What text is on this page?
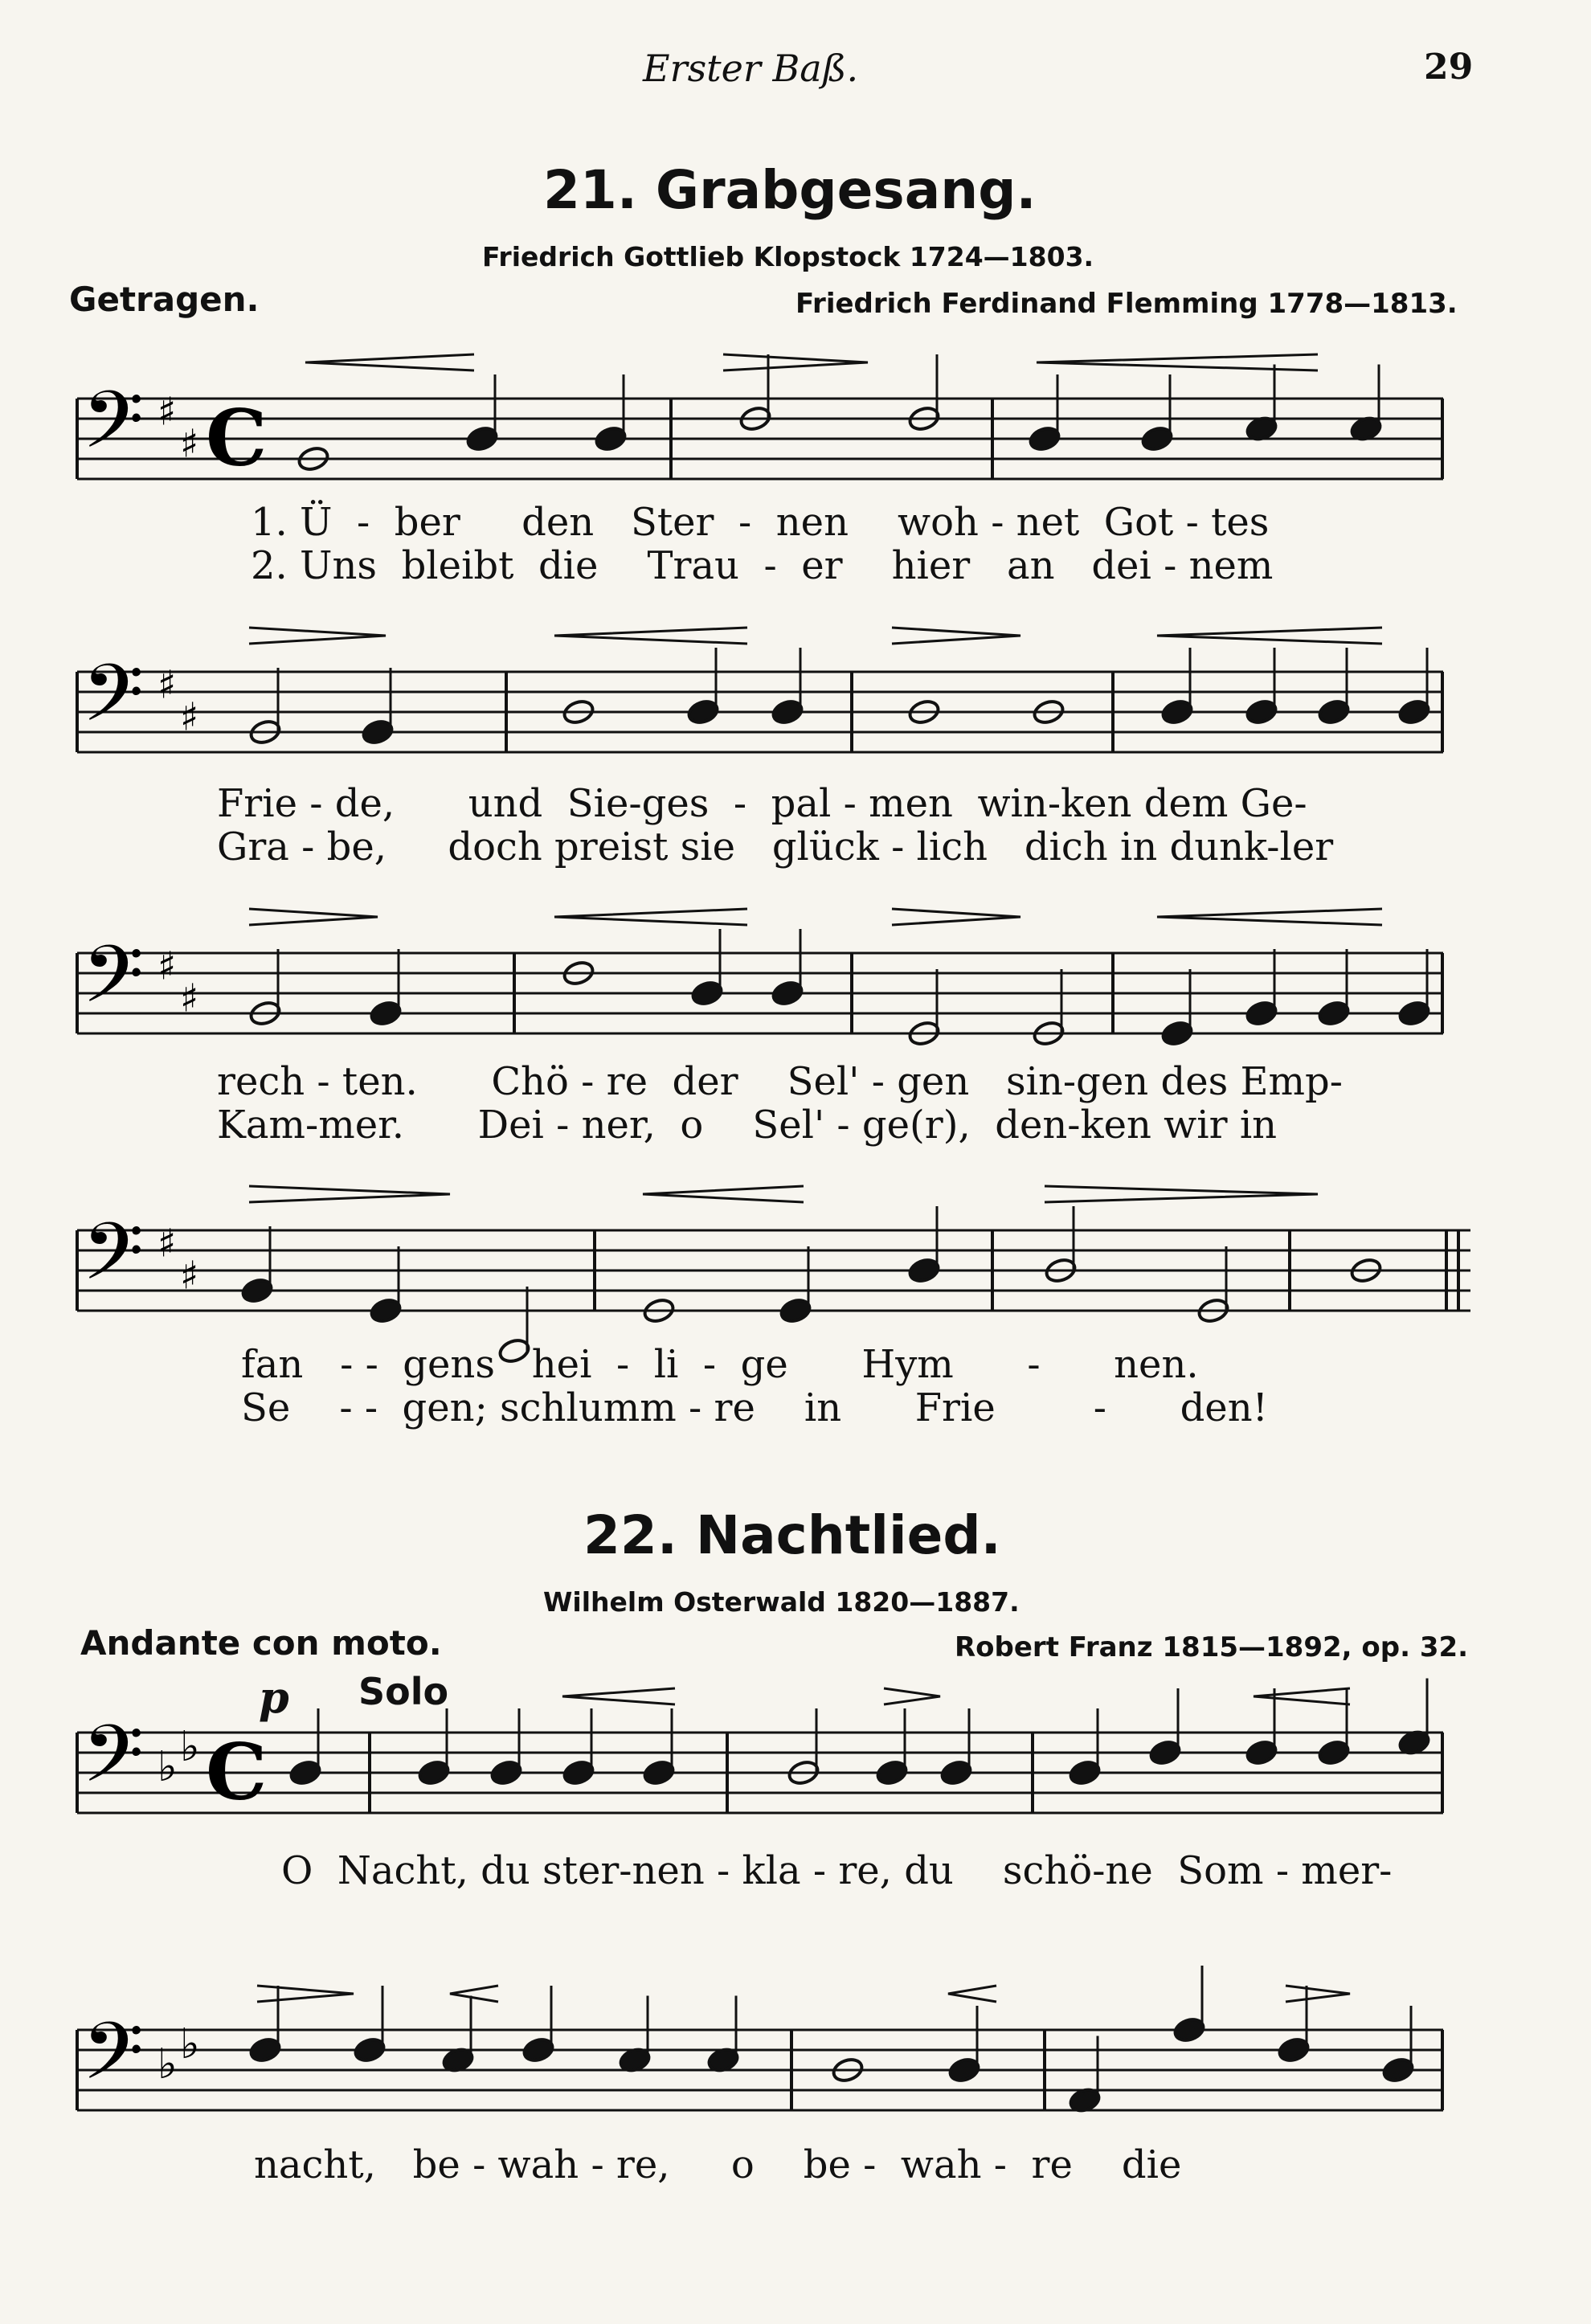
Erster Baß.	29
21. Grabgesang.
Friedrich Gottlieb Klopstock 1724—1803.
Getragen.	Friedrich Ferdinand Flemming 1778—1813.
𝄢 ♯
♯ C
𝄢 ♯
♯
𝄢 ♯
♯
𝄢 ♯
♯
𝄢 ♭ ♭ C
𝄢 ♭ ♭
1. Ü - ber den Ster - nen woh - net Got - tes
2. Uns bleibt die Trau - er hier an dei - nem
Frie - de, und Sie-ges - pal - men win-ken dem Ge-
Gra - be, doch preist sie glück - lich dich in dunk-ler
rech - ten. Chö - re der Sel' - gen sin-gen des Emp-
Kam-mer. Dei - ner, o Sel' - ge(r), den-ken wir in
fan - - gens hei - li - ge Hym - nen.
Se - - gen; schlumm - re in Frie	- den!
22. Nachtlied.
Wilhelm Osterwald 1820—1887.
Andante con moto.	Robert Franz 1815—1892, op. 32.
p Solo
O Nacht, du ster-nen - kla - re, du schö-ne Som - mer-
nacht, be - wah - re, o be - wah - re die
